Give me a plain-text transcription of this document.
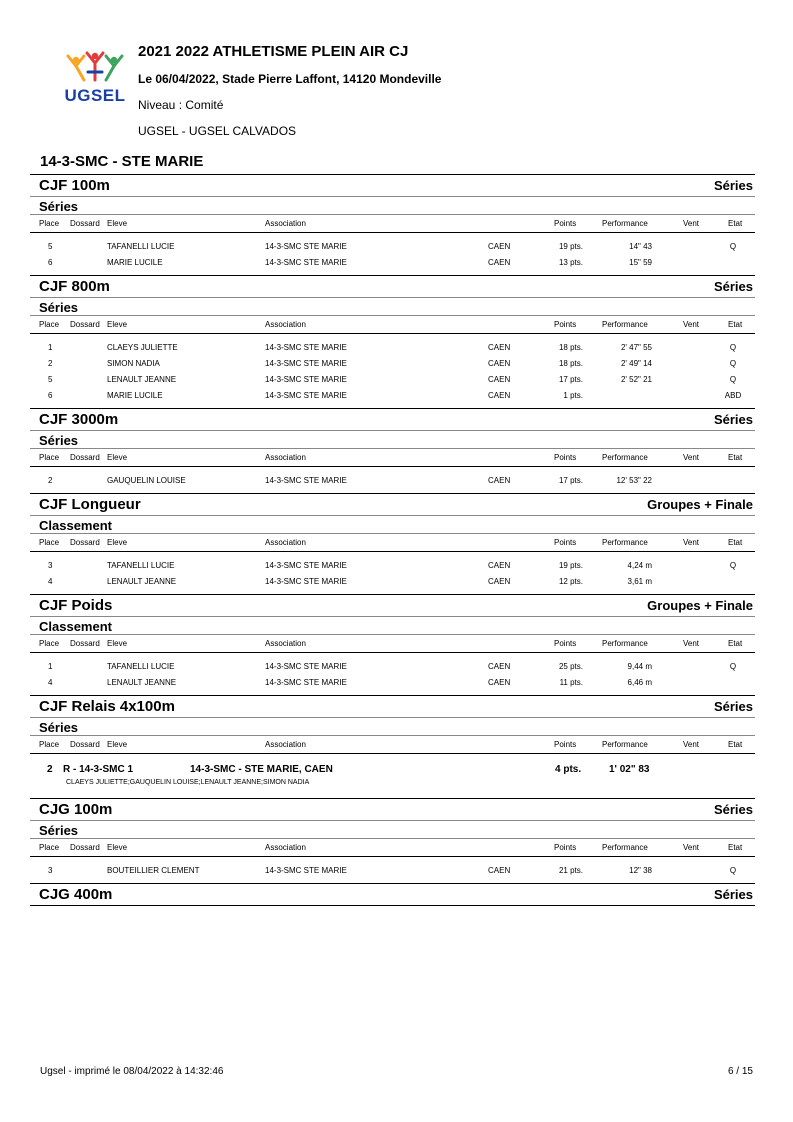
UGSEL
2021 2022 ATHLETISME PLEIN AIR CJ
Le 06/04/2022, Stade Pierre Laffont, 14120 Mondeville
Niveau : Comité
UGSEL - UGSEL CALVADOS
14-3-SMC - STE MARIE
CJF 100m	Séries
Séries
Place Dossard Eleve	Association	Points	Performance	Vent	Etat
5	TAFANELLI LUCIE	14-3-SMC STE MARIE	CAEN	19 pts.	14" 43	Q
6	MARIE LUCILE	14-3-SMC STE MARIE	CAEN	13 pts.	15" 59
CJF 800m	Séries
Séries
Place Dossard Eleve	Association	Points	Performance	Vent	Etat
1	CLAEYS JULIETTE	14-3-SMC STE MARIE	CAEN	18 pts.	2' 47" 55	Q
2	SIMON NADIA	14-3-SMC STE MARIE	CAEN	18 pts.	2' 49" 14	Q
5	LENAULT JEANNE	14-3-SMC STE MARIE	CAEN	17 pts.	2' 52" 21	Q
6	MARIE LUCILE	14-3-SMC STE MARIE	CAEN	1 pts.	ABD
CJF 3000m	Séries
Séries
Place Dossard Eleve	Association	Points	Performance	Vent	Etat
2	GAUQUELIN LOUISE	14-3-SMC STE MARIE	CAEN	17 pts.	12' 53" 22
CJF Longueur	Groupes + Finale
Classement
Place Dossard Eleve	Association	Points	Performance	Vent	Etat
3	TAFANELLI LUCIE	14-3-SMC STE MARIE	CAEN	19 pts.	4,24 m	Q
4	LENAULT JEANNE	14-3-SMC STE MARIE	CAEN	12 pts.	3,61 m
CJF Poids	Groupes + Finale
Classement
Place Dossard Eleve	Association	Points	Performance	Vent	Etat
1	TAFANELLI LUCIE	14-3-SMC STE MARIE	CAEN	25 pts.	9,44 m	Q
4	LENAULT JEANNE	14-3-SMC STE MARIE	CAEN	11 pts.	6,46 m
CJF Relais 4x100m	Séries
Séries
Place Dossard Eleve	Association	Points	Performance	Vent	Etat
2 R - 14-3-SMC 1	14-3-SMC - STE MARIE, CAEN	4 pts.	1' 02" 83
CLAEYS JULIETTE;GAUQUELIN LOUISE;LENAULT JEANNE;SIMON NADIA
CJG 100m	Séries
Séries
Place Dossard Eleve	Association	Points	Performance	Vent	Etat
3	BOUTEILLIER CLEMENT	14-3-SMC STE MARIE	CAEN	21 pts.	12" 38	Q
CJG 400m	Séries
Ugsel - imprimé le 08/04/2022 à 14:32:46	6 / 15
